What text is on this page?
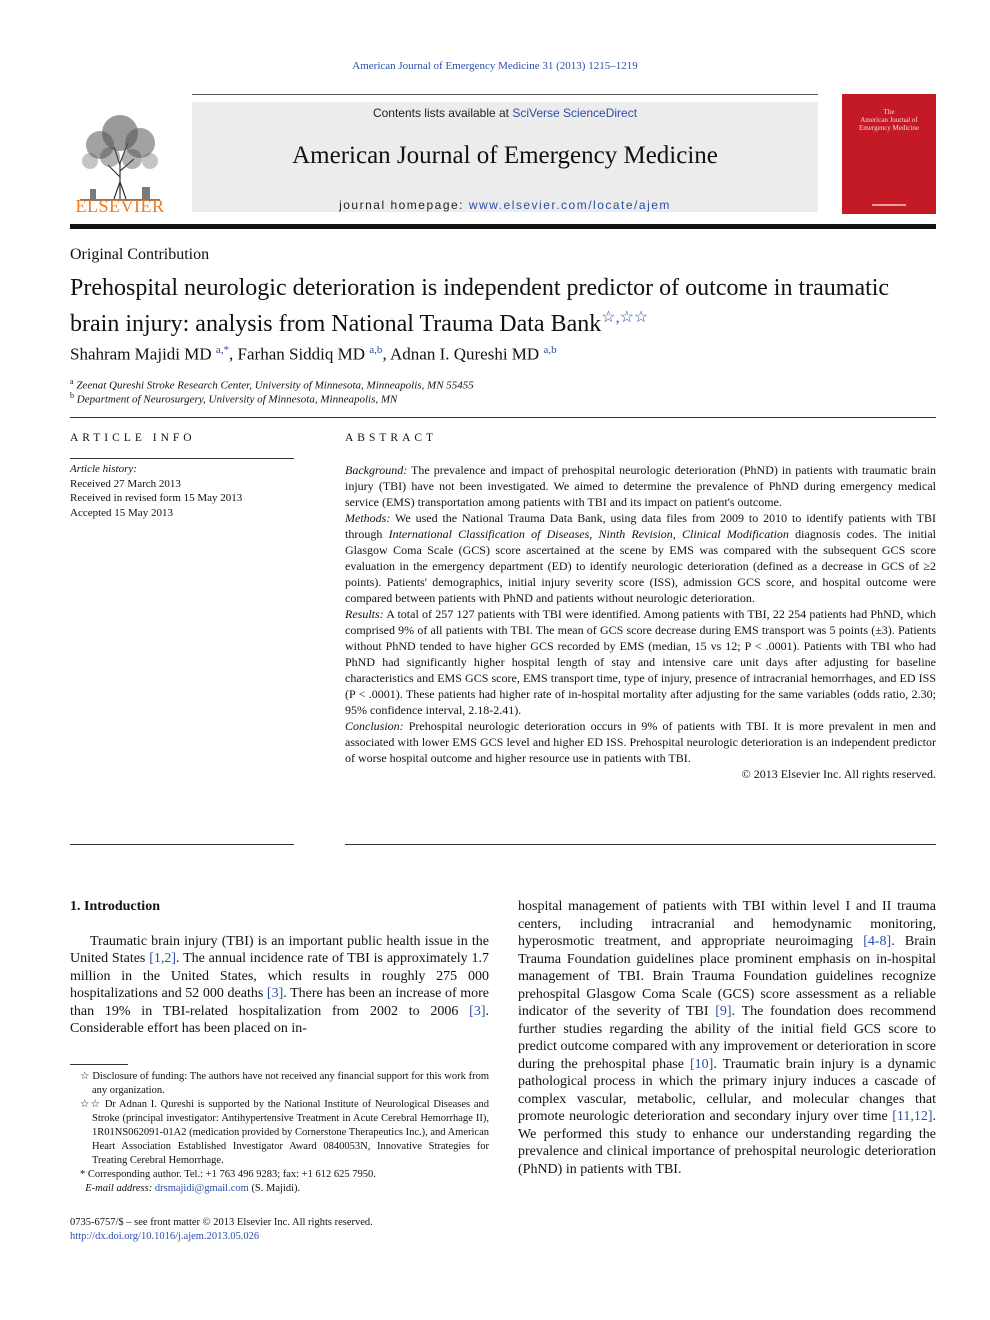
American Journal of Emergency Medicine 31 (2013) 1215–1219
ELSEVIER
Contents lists available at SciVerse ScienceDirect
American Journal of Emergency Medicine
journal homepage: www.elsevier.com/locate/ajem
The
American Journal of
Emergency Medicine
Original Contribution
Prehospital neurologic deterioration is independent predictor of outcome in traumatic brain injury: analysis from National Trauma Data Bank☆,☆☆
Shahram Majidi MD $^{a,*}$, Farhan Siddiq MD $^{a,b}$, Adnan I. Qureshi MD $^{a,b}$
$^a$ Zeenat Qureshi Stroke Research Center, University of Minnesota, Minneapolis, MN 55455
$^b$ Department of Neurosurgery, University of Minnesota, Minneapolis, MN
ARTICLE INFO
Article history:
Received 27 March 2013
Received in revised form 15 May 2013
Accepted 15 May 2013
ABSTRACT

Background: The prevalence and impact of prehospital neurologic deterioration (PhND) in patients with traumatic brain injury (TBI) have not been investigated. We aimed to determine the prevalence of PhND during emergency medical service (EMS) transportation among patients with TBI and its impact on patient's outcome.

Methods: We used the National Trauma Data Bank, using data files from 2009 to 2010 to identify patients with TBI through International Classification of Diseases, Ninth Revision, Clinical Modification diagnosis codes. The initial Glasgow Coma Scale (GCS) score ascertained at the scene by EMS was compared with the subsequent GCS score evaluation in the emergency department (ED) to identify neurologic deterioration (defined as a decrease in GCS of ≥2 points). Patients' demographics, initial injury severity score (ISS), admission GCS score, and hospital outcome were compared between patients with PhND and patients without neurologic deterioration.

Results: A total of 257 127 patients with TBI were identified. Among patients with TBI, 22 254 patients had PhND, which comprised 9% of all patients with TBI. The mean of GCS score decrease during EMS transport was 5 points (±3). Patients without PhND tended to have higher GCS recorded by EMS (median, 15 vs 12; P < .0001). Patients with TBI who had PhND had significantly higher hospital length of stay and intensive care unit days after adjusting for baseline characteristics and EMS GCS score, EMS transport time, type of injury, presence of intracranial hemorrhages, and ED ISS (P < .0001). These patients had higher rate of in-hospital mortality after adjusting for the same variables (odds ratio, 2.30; 95% confidence interval, 2.18-2.41).

Conclusion: Prehospital neurologic deterioration occurs in 9% of patients with TBI. It is more prevalent in men and associated with lower EMS GCS level and higher ED ISS. Prehospital neurologic deterioration is an independent predictor of worse hospital outcome and higher resource use in patients with TBI.

© 2013 Elsevier Inc. All rights reserved.

1. Introduction

Traumatic brain injury (TBI) is an important public health issue in the United States [1,2]. The annual incidence rate of TBI is approximately 1.7 million in the United States, which results in roughly 275 000 hospitalizations and 52 000 deaths [3]. There has been an increase of more than 19% in TBI-related hospitalization from 2002 to 2006 [3]. Considerable effort has been placed on in-

hospital management of patients with TBI within level I and II trauma centers, including intracranial and hemodynamic monitoring, hyperosmotic treatment, and appropriate neuroimaging [4-8]. Brain Trauma Foundation guidelines place prominent emphasis on in-hospital management of TBI. Brain Trauma Foundation guidelines recognize prehospital Glasgow Coma Scale (GCS) score assessment as a reliable indicator of the severity of TBI [9]. The foundation does recommend further studies regarding the ability of the initial field GCS score to predict outcome compared with any improvement or deterioration in score during the prehospital phase [10]. Traumatic brain injury is a dynamic pathological process in which the primary injury induces a cascade of complex vascular, metabolic, cellular, and molecular changes that promote neurologic deterioration and secondary injury over time [11,12]. We performed this study to enhance our understanding regarding the prevalence and clinical importance of prehospital neurologic deterioration (PhND) in patients with TBI.

☆ Disclosure of funding: The authors have not received any financial support for this work from any organization.

☆☆ Dr Adnan I. Qureshi is supported by the National Institute of Neurological Diseases and Stroke (principal investigator: Antihypertensive Treatment in Acute Cerebral Hemorrhage II), 1R01NS062091-01A2 (medication provided by Cornerstone Therapeutics Inc.), and American Heart Association Established Investigator Award 0840053N, Innovative Strategies for Treating Cerebral Hemorrhage.

* Corresponding author. Tel.: +1 763 496 9283; fax: +1 612 625 7950.

E-mail address: drsmajidi@gmail.com (S. Majidi).

0735-6757/$ – see front matter © 2013 Elsevier Inc. All rights reserved.
http://dx.doi.org/10.1016/j.ajem.2013.05.026
